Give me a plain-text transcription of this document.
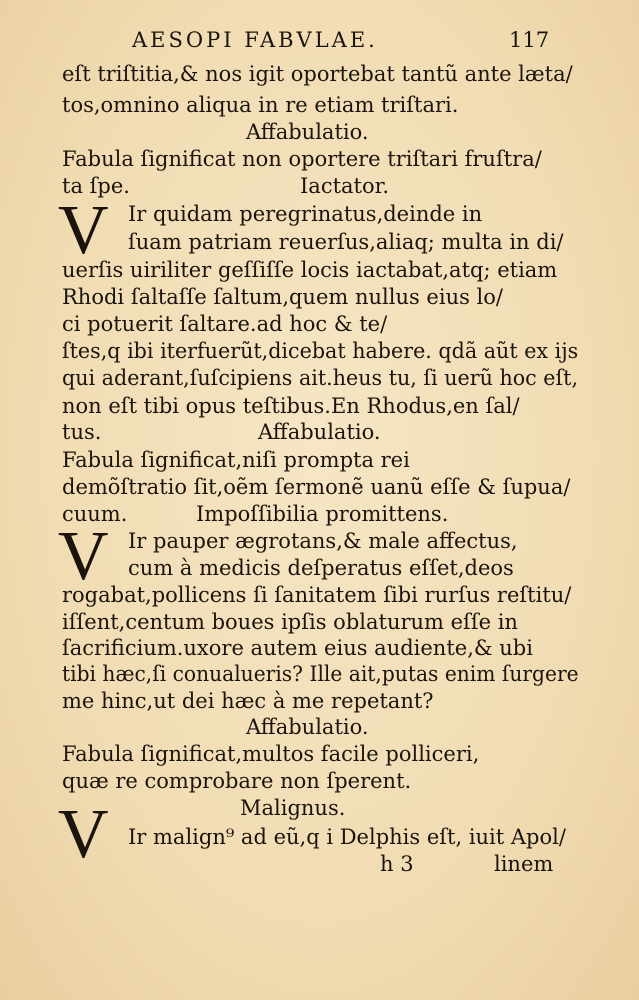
AESOPI FABVLAE.	117
eſt triſtitia,& nos igit oportebat tantũ ante læta/
tos,omnino aliqua in re etiam triſtari.
Affabulatio.
Fabula ſignificat non oportere triſtari fruſtra/
ta ſpe.	Iactator.
V Ir quidam peregrinatus,deinde in
ſuam patriam reuerſus,aliaq; multa in di/
uerſis uiriliter geſſiſſe locis iactabat,atq; etiam
Rhodi ſaltaſſe ſaltum,quem nullus eius lo/
ci potuerit ſaltare.ad hoc & te/
ſtes,q ibi iterfuerũt,dicebat habere. qdã aũt ex ijs
qui aderant,ſuſcipiens ait.heus tu, ſi uerũ hoc eſt,
non eſt tibi opus teſtibus.En Rhodus,en ſal/
tus.	Affabulatio.
Fabula ſignificat,niſi prompta rei
demõſtratio ſit,oẽm ſermonẽ uanũ eſſe & ſupua/
cuum.	Impoſſibilia promittens.
V Ir pauper ægrotans,& male affectus,
cum à medicis deſperatus eſſet,deos
rogabat,pollicens ſi ſanitatem ſibi rurſus reſtitu/
iſſent,centum boues ipſis oblaturum eſſe in
ſacrificium.uxore autem eius audiente,& ubi
tibi hæc,ſi conualueris? Ille ait,putas enim ſurgere
me hinc,ut dei hæc à me repetant?
Affabulatio.
Fabula ſignificat,multos facile polliceri,
quæ re comprobare non ſperent.
Malignus.
V Ir malign⁹ ad eũ,q i Delphis eſt, iuit Apol/
h 3	linem
